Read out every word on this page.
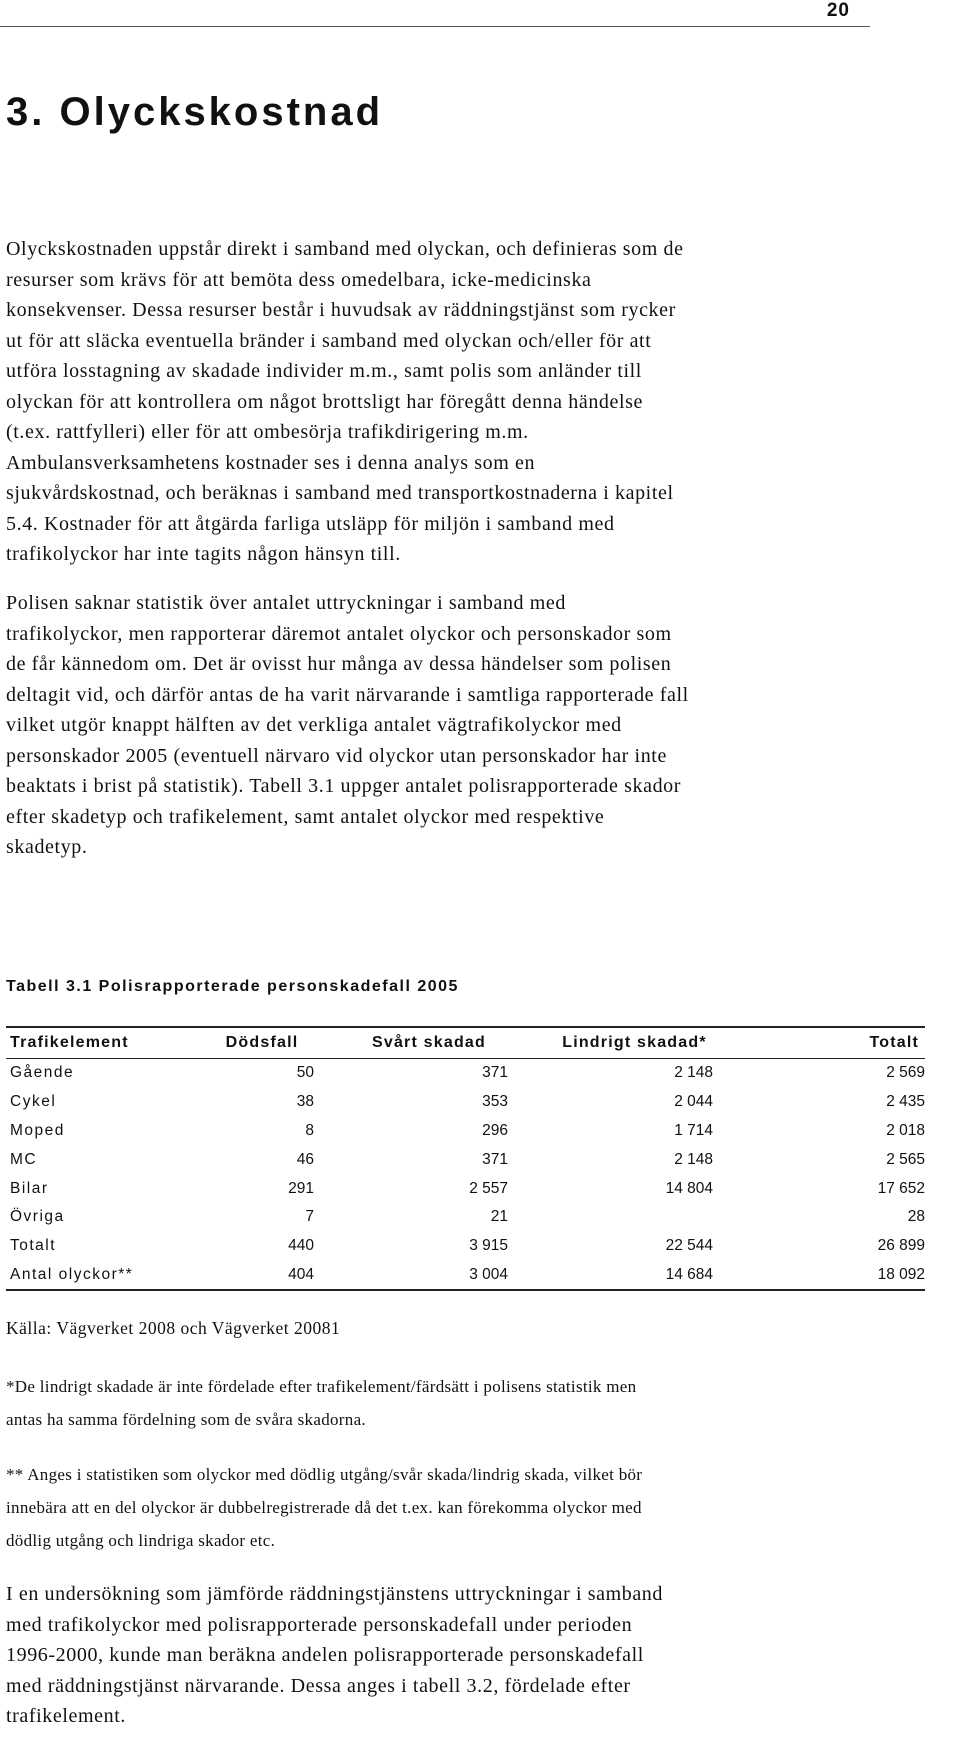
20
3. Olyckskostnad

Olyckskostnaden uppstår direkt i samband med olyckan, och definieras som de

resurser som krävs för att bemöta dess omedelbara, icke-medicinska

konsekvenser. Dessa resurser består i huvudsak av räddningstjänst som rycker

ut för att släcka eventuella bränder i samband med olyckan och/eller för att

utföra losstagning av skadade individer m.m., samt polis som anländer till

olyckan för att kontrollera om något brottsligt har föregått denna händelse

(t.ex. rattfylleri) eller för att ombesörja trafikdirigering m.m.

Ambulansverksamhetens kostnader ses i denna analys som en

sjukvårdskostnad, och beräknas i samband med transportkostnaderna i kapitel

5.4. Kostnader för att åtgärda farliga utsläpp för miljön i samband med

trafikolyckor har inte tagits någon hänsyn till.

Polisen saknar statistik över antalet uttryckningar i samband med

trafikolyckor, men rapporterar däremot antalet olyckor och personskador som

de får kännedom om. Det är ovisst hur många av dessa händelser som polisen

deltagit vid, och därför antas de ha varit närvarande i samtliga rapporterade fall

vilket utgör knappt hälften av det verkliga antalet vägtrafikolyckor med

personskador 2005 (eventuell närvaro vid olyckor utan personskador har inte

beaktats i brist på statistik). Tabell 3.1 uppger antalet polisrapporterade skador

efter skadetyp och trafikelement, samt antalet olyckor med respektive

skadetyp.

Tabell 3.1 Polisrapporterade personskadefall 2005
Trafikelement	Dödsfall	Svårt skadad	Lindrigt skadad*	Totalt
Gående	50	371	2 148	2 569
Cykel	38	353	2 044	2 435
Moped	8	296	1 714	2 018
MC	46	371	2 148	2 565
Bilar	291	2 557	14 804	17 652
Övriga	7	21		28
Totalt	440	3 915	22 544	26 899
Antal olyckor**	404	3 004	14 684	18 092

Källa: Vägverket 2008 och Vägverket 20081

*De lindrigt skadade är inte fördelade efter trafikelement/färdsätt i polisens statistik men

antas ha samma fördelning som de svåra skadorna.

** Anges i statistiken som olyckor med dödlig utgång/svår skada/lindrig skada, vilket bör

innebära att en del olyckor är dubbelregistrerade då det t.ex. kan förekomma olyckor med

dödlig utgång och lindriga skador etc.

I en undersökning som jämförde räddningstjänstens uttryckningar i samband

med trafikolyckor med polisrapporterade personskadefall under perioden

1996-2000, kunde man beräkna andelen polisrapporterade personskadefall

med räddningstjänst närvarande. Dessa anges i tabell 3.2, fördelade efter

trafikelement.
